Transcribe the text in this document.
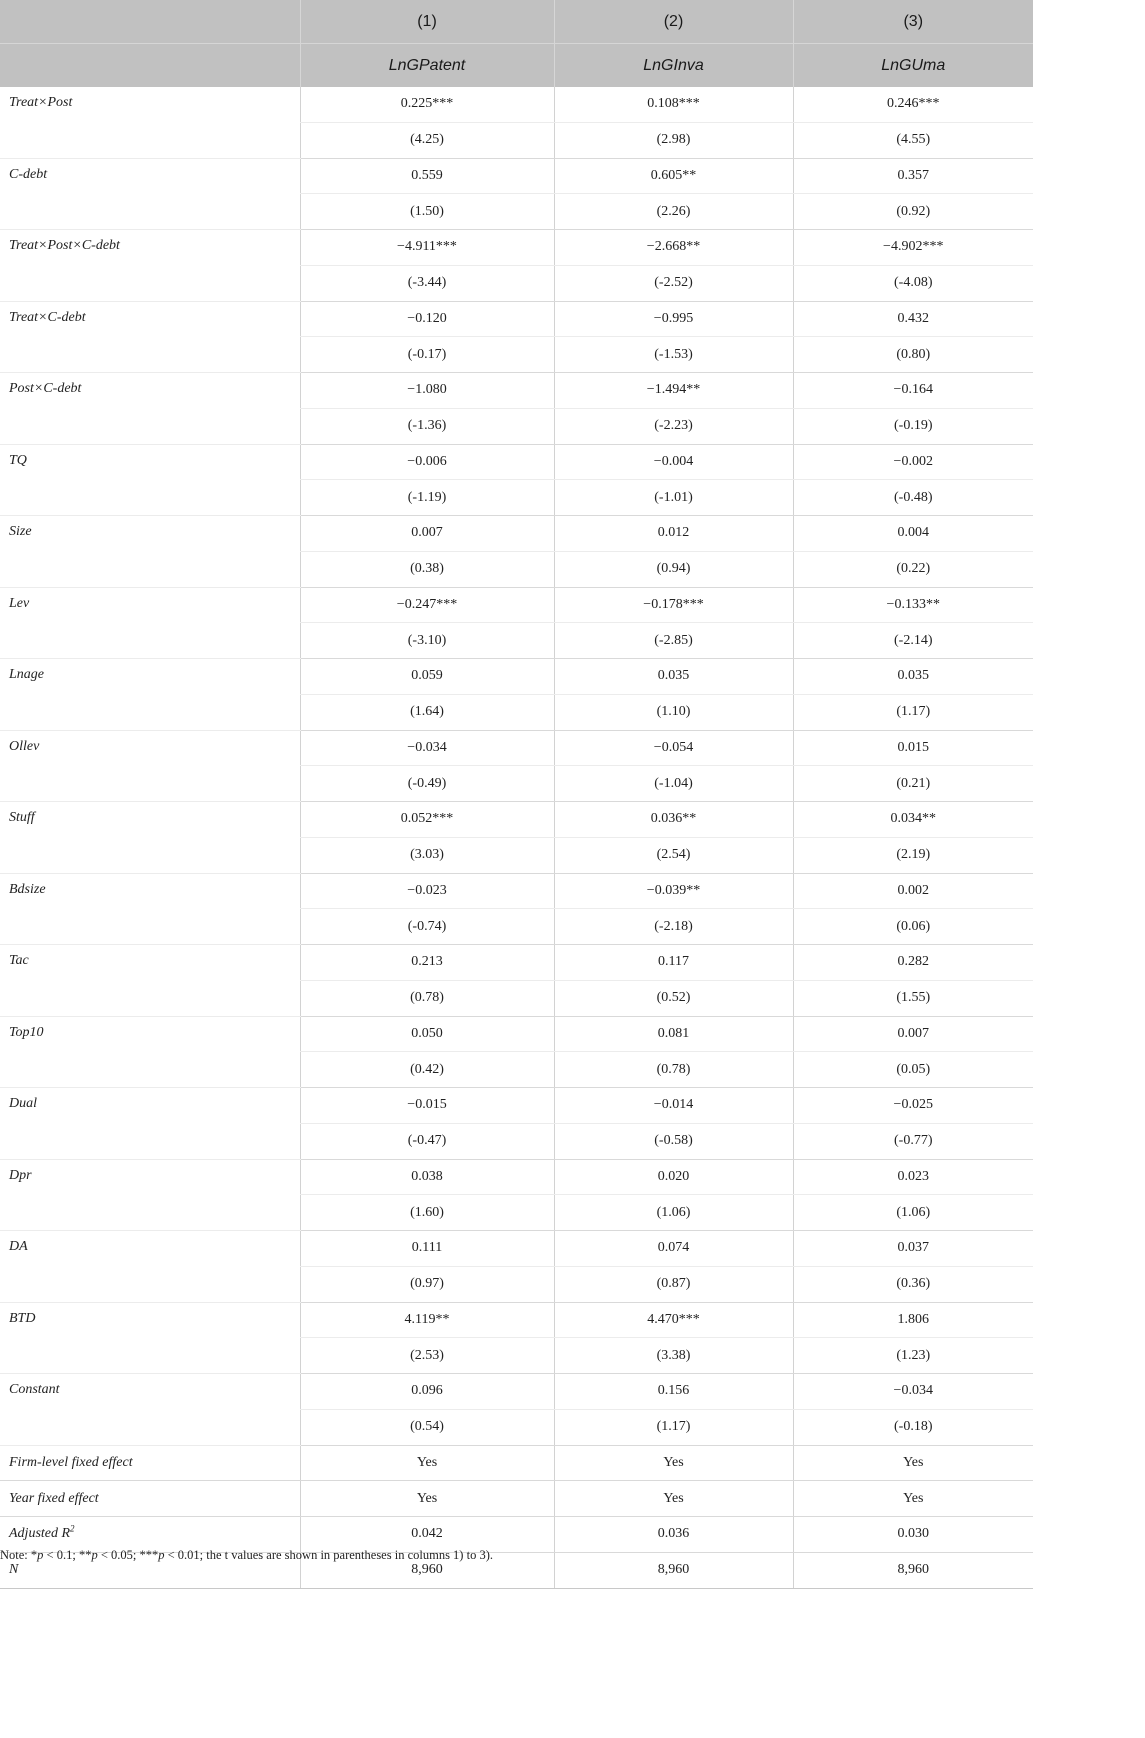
	(1)	(2)	(3)
	LnGPatent	LnGInva	LnGUma
Treat×Post	0.225***	0.108***	0.246***
	(4.25)	(2.98)	(4.55)
C-debt	0.559	0.605**	0.357
	(1.50)	(2.26)	(0.92)
Treat×Post×C-debt	−4.911***	−2.668**	−4.902***
	(-3.44)	(-2.52)	(-4.08)
Treat×C-debt	−0.120	−0.995	0.432
	(-0.17)	(-1.53)	(0.80)
Post×C-debt	−1.080	−1.494**	−0.164
	(-1.36)	(-2.23)	(-0.19)
TQ	−0.006	−0.004	−0.002
	(-1.19)	(-1.01)	(-0.48)
Size	0.007	0.012	0.004
	(0.38)	(0.94)	(0.22)
Lev	−0.247***	−0.178***	−0.133**
	(-3.10)	(-2.85)	(-2.14)
Lnage	0.059	0.035	0.035
	(1.64)	(1.10)	(1.17)
Ollev	−0.034	−0.054	0.015
	(-0.49)	(-1.04)	(0.21)
Stuff	0.052***	0.036**	0.034**
	(3.03)	(2.54)	(2.19)
Bdsize	−0.023	−0.039**	0.002
	(-0.74)	(-2.18)	(0.06)
Tac	0.213	0.117	0.282
	(0.78)	(0.52)	(1.55)
Top10	0.050	0.081	0.007
	(0.42)	(0.78)	(0.05)
Dual	−0.015	−0.014	−0.025
	(-0.47)	(-0.58)	(-0.77)
Dpr	0.038	0.020	0.023
	(1.60)	(1.06)	(1.06)
DA	0.111	0.074	0.037
	(0.97)	(0.87)	(0.36)
BTD	4.119**	4.470***	1.806
	(2.53)	(3.38)	(1.23)
Constant	0.096	0.156	−0.034
	(0.54)	(1.17)	(-0.18)
Firm-level fixed effect	Yes	Yes	Yes
Year fixed effect	Yes	Yes	Yes
Adjusted $R^2$	0.042	0.036	0.030
N	8,960	8,960	8,960
Note: *p < 0.1; **p < 0.05; ***p < 0.01; the t values are shown in parentheses in columns 1) to 3).
